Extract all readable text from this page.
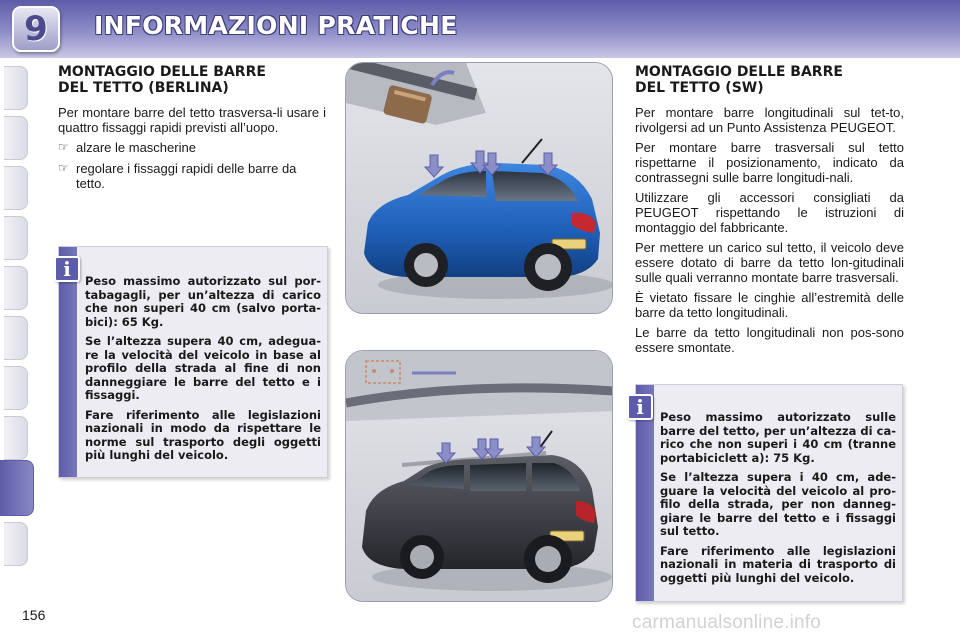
9 INFORMAZIONI PRATICHE
MONTAGGIO DELLE BARRE
DEL TETTO (BERLINA)

Per montare barre del tetto trasversa-li usare i quattro fissaggi rapidi previsti all’uopo.

☞ alzare le mascherine
☞ regolare i fissaggi rapidi delle barre da tetto.

Peso massimo autorizzato sul por-tabagagli, per un’altezza di carico che non superi 40 cm (salvo porta-bici): 65 Kg.

Se l’altezza supera 40 cm, adegua-re la velocità del veicolo in base al profilo della strada al fine di non danneggiare le barre del tetto e i fissaggi.

Fare riferimento alle legislazioni nazionali in modo da rispettare le norme sul trasporto degli oggetti più lunghi del veicolo.

i
MONTAGGIO DELLE BARRE
DEL TETTO (SW)

Per montare barre longitudinali sul tet-to, rivolgersi ad un Punto Assistenza PEUGEOT.

Per montare barre trasversali sul tetto rispettarne il posizionamento, indicato da contrassegni sulle barre longitudi-nali.

Utilizzare gli accessori consigliati da PEUGEOT rispettando le istruzioni di montaggio del fabbricante.

Per mettere un carico sul tetto, il veicolo deve essere dotato di barre da tetto lon-gitudinali sulle quali verranno montate barre trasversali.

È vietato fissare le cinghie all’estremità delle barre da tetto longitudinali.

Le barre da tetto longitudinali non pos-sono essere smontate.

Peso massimo autorizzato sulle barre del tetto, per un’altezza di ca-rico che non superi i 40 cm (tranne portabiciclett a): 75 Kg.

Se l’altezza supera i 40 cm, ade-guare la velocità del veicolo al pro-filo della strada, per non danneg-giare le barre del tetto e i fissaggi sul tetto.

Fare riferimento alle legislazioni nazionali in materia di trasporto di oggetti più lunghi del veicolo.

i
156	carmanualsonline.info
